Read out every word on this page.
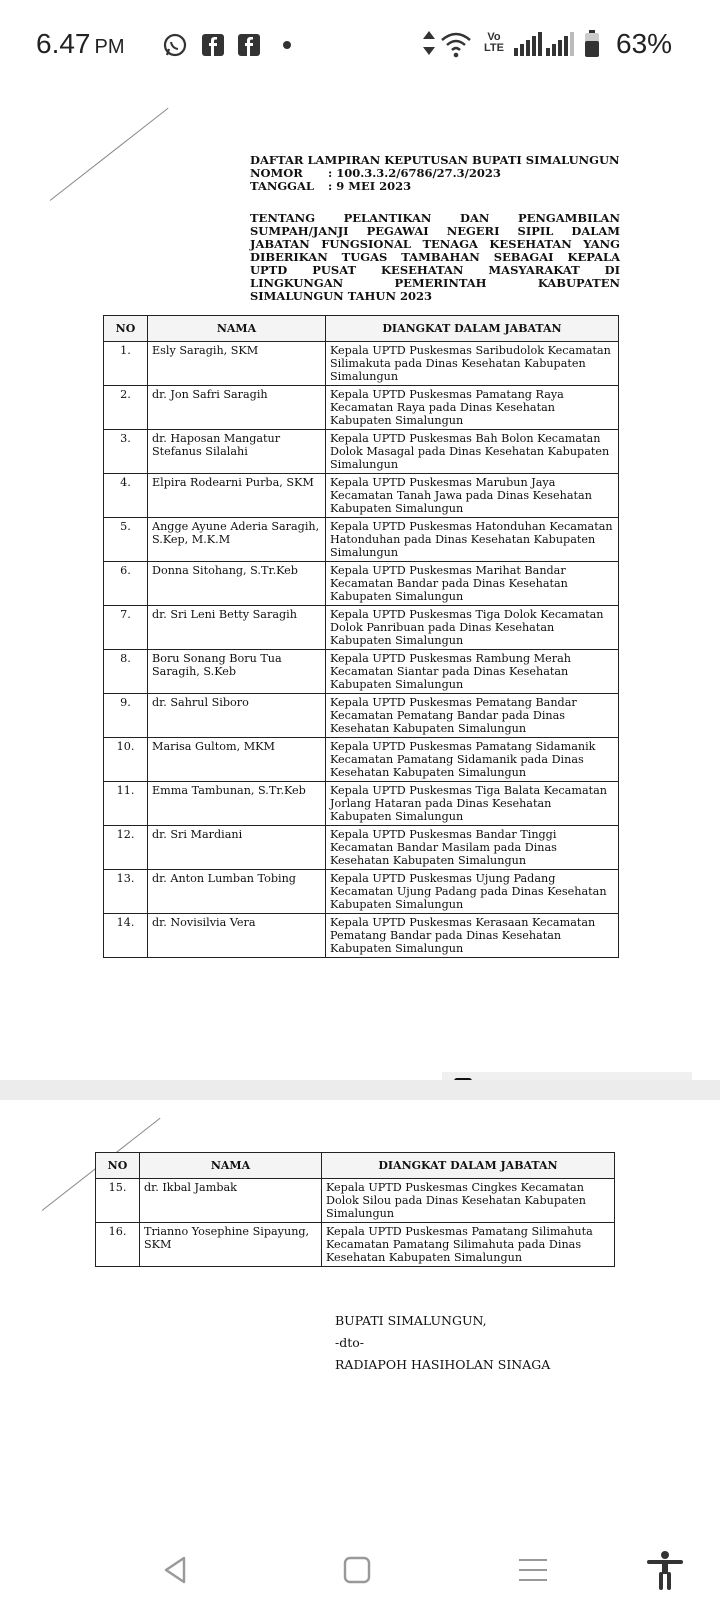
6.47 PM	Vo LTE	63%
DAFTAR LAMPIRAN KEPUTUSAN BUPATI SIMALUNGUN
NOMOR	: 100.3.3.2/6786/27.3/2023
TANGGAL	: 9 MEI 2023
TENTANG PELANTIKAN DAN PENGAMBILAN SUMPAH/JANJI PEGAWAI NEGERI SIPIL DALAM JABATAN FUNGSIONAL TENAGA KESEHATAN YANG DIBERIKAN TUGAS TAMBAHAN SEBAGAI KEPALA UPTD PUSAT KESEHATAN MASYARAKAT DI LINGKUNGAN PEMERINTAH KABUPATEN SIMALUNGUN TAHUN 2023
NO	NAMA	DIANGKAT DALAM JABATAN
1.	Esly Saragih, SKM	Kepala UPTD Puskesmas Saribudolok Kecamatan Silimakuta pada Dinas Kesehatan Kabupaten Simalungun
2.	dr. Jon Safri Saragih	Kepala UPTD Puskesmas Pamatang Raya Kecamatan Raya pada Dinas Kesehatan Kabupaten Simalungun
3.	dr. Haposan Mangatur Stefanus Silalahi	Kepala UPTD Puskesmas Bah Bolon Kecamatan Dolok Masagal pada Dinas Kesehatan Kabupaten Simalungun
4.	Elpira Rodearni Purba, SKM	Kepala UPTD Puskesmas Marubun Jaya Kecamatan Tanah Jawa pada Dinas Kesehatan Kabupaten Simalungun
5.	Angge Ayune Aderia Saragih, S.Kep, M.K.M	Kepala UPTD Puskesmas Hatonduhan Kecamatan Hatonduhan pada Dinas Kesehatan Kabupaten Simalungun
6.	Donna Sitohang, S.Tr.Keb	Kepala UPTD Puskesmas Marihat Bandar Kecamatan Bandar pada Dinas Kesehatan Kabupaten Simalungun
7.	dr. Sri Leni Betty Saragih	Kepala UPTD Puskesmas Tiga Dolok Kecamatan Dolok Panribuan pada Dinas Kesehatan Kabupaten Simalungun
8.	Boru Sonang Boru Tua Saragih, S.Keb	Kepala UPTD Puskesmas Rambung Merah Kecamatan Siantar pada Dinas Kesehatan Kabupaten Simalungun
9.	dr. Sahrul Siboro	Kepala UPTD Puskesmas Pematang Bandar Kecamatan Pematang Bandar pada Dinas Kesehatan Kabupaten Simalungun
10.	Marisa Gultom, MKM	Kepala UPTD Puskesmas Pamatang Sidamanik Kecamatan Pamatang Sidamanik pada Dinas Kesehatan Kabupaten Simalungun
11.	Emma Tambunan, S.Tr.Keb	Kepala UPTD Puskesmas Tiga Balata Kecamatan Jorlang Hataran pada Dinas Kesehatan Kabupaten Simalungun
12.	dr. Sri Mardiani	Kepala UPTD Puskesmas Bandar Tinggi Kecamatan Bandar Masilam pada Dinas Kesehatan Kabupaten Simalungun
13.	dr. Anton Lumban Tobing	Kepala UPTD Puskesmas Ujung Padang Kecamatan Ujung Padang pada Dinas Kesehatan Kabupaten Simalungun
14.	dr. Novisilvia Vera	Kepala UPTD Puskesmas Kerasaan Kecamatan Pematang Bandar pada Dinas Kesehatan Kabupaten Simalungun
NO	NAMA	DIANGKAT DALAM JABATAN
15.	dr. Ikbal Jambak	Kepala UPTD Puskesmas Cingkes Kecamatan Dolok Silou pada Dinas Kesehatan Kabupaten Simalungun
16.	Trianno Yosephine Sipayung, SKM	Kepala UPTD Puskesmas Pamatang Silimahuta Kecamatan Pamatang Silimahuta pada Dinas Kesehatan Kabupaten Simalungun
BUPATI SIMALUNGUN,
-dto-
RADIAPOH HASIHOLAN SINAGA
